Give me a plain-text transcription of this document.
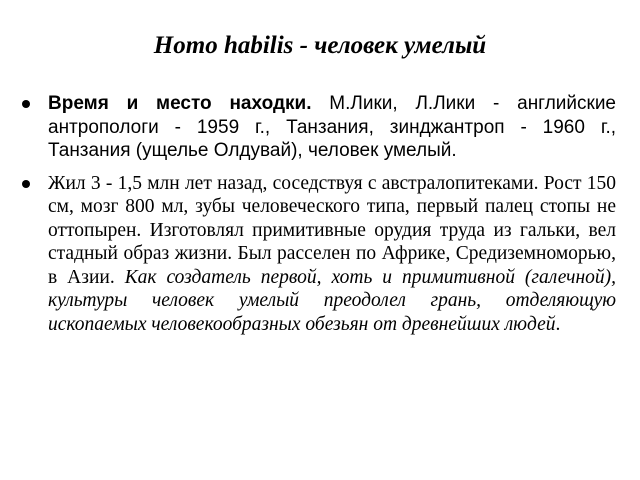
Homo habilis - человек умелый
Время и место находки. М.Лики, Л.Лики - английские антропологи - 1959 г., Танзания, зинджантроп - 1960 г., Танзания (ущелье Олдувай), человек умелый.
Жил 3 - 1,5 млн лет назад, соседствуя с австралопитеками. Рост 150 см, мозг 800 мл, зубы человеческого типа, первый палец стопы не оттопырен. Изготовлял примитивные орудия труда из гальки, вел стадный образ жизни. Был расселен по Африке, Средиземноморью, в Азии. Как создатель первой, хоть и примитивной (галечной), культуры человек умелый преодолел грань, отделяющую ископаемых человекообразных обезьян от древнейших людей.
